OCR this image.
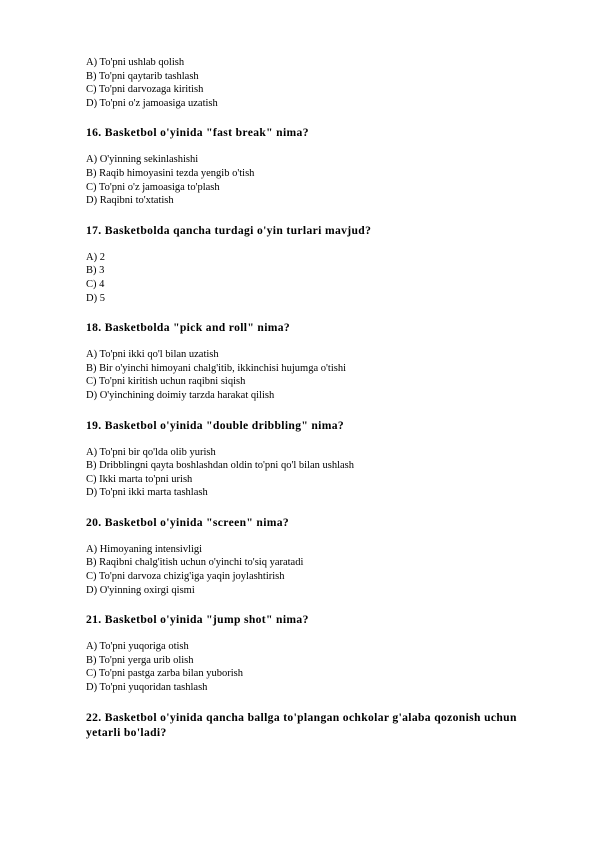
A) To'pni ushlab qolish
B) To'pni qaytarib tashlash
C) To'pni darvozaga kiritish
D) To'pni o'z jamoasiga uzatish
16. Basketbol o'yinida "fast break" nima?
A) O'yinning sekinlashishi
B) Raqib himoyasini tezda yengib o'tish
C) To'pni o'z jamoasiga to'plash
D) Raqibni to'xtatish
17. Basketbolda qancha turdagi o'yin turlari mavjud?
A) 2
B) 3
C) 4
D) 5
18. Basketbolda "pick and roll" nima?
A) To'pni ikki qo'l bilan uzatish
B) Bir o'yinchi himoyani chalg'itib, ikkinchisi hujumga o'tishi
C) To'pni kiritish uchun raqibni siqish
D) O'yinchining doimiy tarzda harakat qilish
19. Basketbol o'yinida "double dribbling" nima?
A) To'pni bir qo'lda olib yurish
B) Dribblingni qayta boshlashdan oldin to'pni qo'l bilan ushlash
C) Ikki marta to'pni urish
D) To'pni ikki marta tashlash
20. Basketbol o'yinida "screen" nima?
A) Himoyaning intensivligi
B) Raqibni chalg'itish uchun o'yinchi to'siq yaratadi
C) To'pni darvoza chizig'iga yaqin joylashtirish
D) O'yinning oxirgi qismi
21. Basketbol o'yinida "jump shot" nima?
A) To'pni yuqoriga otish
B) To'pni yerga urib olish
C) To'pni pastga zarba bilan yuborish
D) To'pni yuqoridan tashlash
22. Basketbol o'yinida qancha ballga to'plangan ochkolar g'alaba qozonish uchun yetarli bo'ladi?
